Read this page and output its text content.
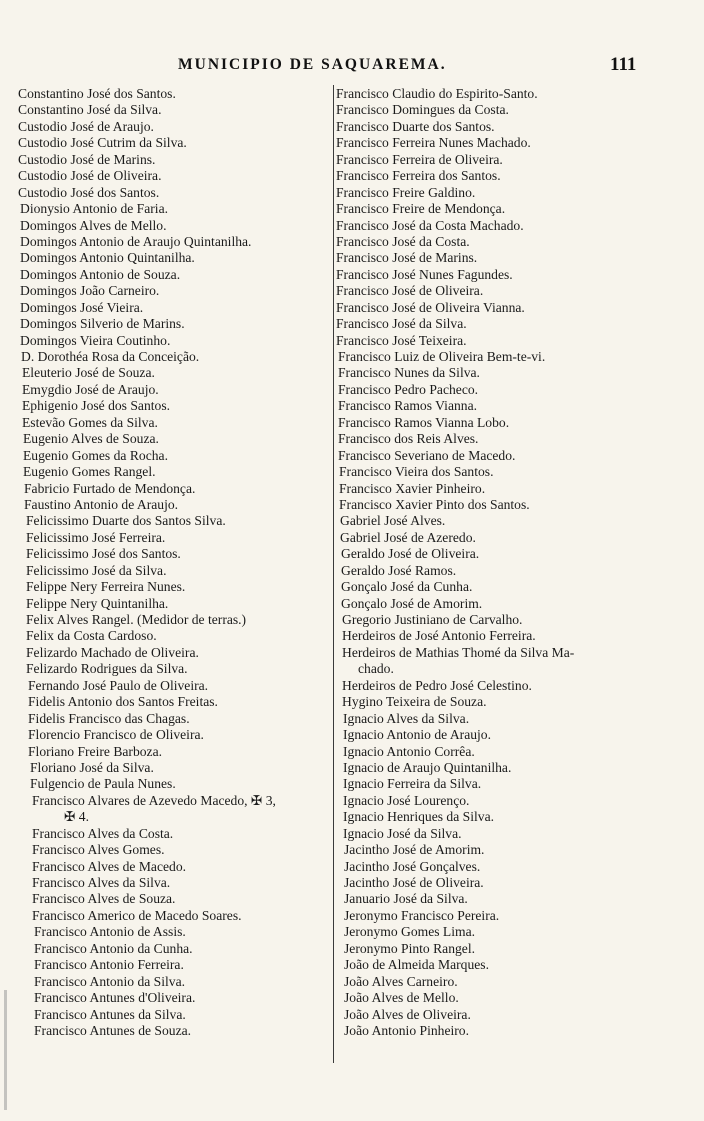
MUNICIPIO DE SAQUAREMA.	111
Constantino José dos Santos.
Constantino José da Silva.
Custodio José de Araujo.
Custodio José Cutrim da Silva.
Custodio José de Marins.
Custodio José de Oliveira.
Custodio José dos Santos.
Dionysio Antonio de Faria.
Domingos Alves de Mello.
Domingos Antonio de Araujo Quintanilha.
Domingos Antonio Quintanilha.
Domingos Antonio de Souza.
Domingos João Carneiro.
Domingos José Vieira.
Domingos Silverio de Marins.
Domingos Vieira Coutinho.
D. Dorothéa Rosa da Conceição.
Eleuterio José de Souza.
Emygdio José de Araujo.
Ephigenio José dos Santos.
Estevão Gomes da Silva.
Eugenio Alves de Souza.
Eugenio Gomes da Rocha.
Eugenio Gomes Rangel.
Fabricio Furtado de Mendonça.
Faustino Antonio de Araujo.
Felicissimo Duarte dos Santos Silva.
Felicissimo José Ferreira.
Felicissimo José dos Santos.
Felicissimo José da Silva.
Felippe Nery Ferreira Nunes.
Felippe Nery Quintanilha.
Felix Alves Rangel. (Medidor de terras.)
Felix da Costa Cardoso.
Felizardo Machado de Oliveira.
Felizardo Rodrigues da Silva.
Fernando José Paulo de Oliveira.
Fidelis Antonio dos Santos Freitas.
Fidelis Francisco das Chagas.
Florencio Francisco de Oliveira.
Floriano Freire Barboza.
Floriano José da Silva.
Fulgencio de Paula Nunes.
Francisco Alvares de Azevedo Macedo, ✠ 3,
✠ 4.
Francisco Alves da Costa.
Francisco Alves Gomes.
Francisco Alves de Macedo.
Francisco Alves da Silva.
Francisco Alves de Souza.
Francisco Americo de Macedo Soares.
Francisco Antonio de Assis.
Francisco Antonio da Cunha.
Francisco Antonio Ferreira.
Francisco Antonio da Silva.
Francisco Antunes d'Oliveira.
Francisco Antunes da Silva.
Francisco Antunes de Souza.
Francisco Claudio do Espirito-Santo.
Francisco Domingues da Costa.
Francisco Duarte dos Santos.
Francisco Ferreira Nunes Machado.
Francisco Ferreira de Oliveira.
Francisco Ferreira dos Santos.
Francisco Freire Galdino.
Francisco Freire de Mendonça.
Francisco José da Costa Machado.
Francisco José da Costa.
Francisco José de Marins.
Francisco José Nunes Fagundes.
Francisco José de Oliveira.
Francisco José de Oliveira Vianna.
Francisco José da Silva.
Francisco José Teixeira.
Francisco Luiz de Oliveira Bem-te-vi.
Francisco Nunes da Silva.
Francisco Pedro Pacheco.
Francisco Ramos Vianna.
Francisco Ramos Vianna Lobo.
Francisco dos Reis Alves.
Francisco Severiano de Macedo.
Francisco Vieira dos Santos.
Francisco Xavier Pinheiro.
Francisco Xavier Pinto dos Santos.
Gabriel José Alves.
Gabriel José de Azeredo.
Geraldo José de Oliveira.
Geraldo José Ramos.
Gonçalo José da Cunha.
Gonçalo José de Amorim.
Gregorio Justiniano de Carvalho.
Herdeiros de José Antonio Ferreira.
Herdeiros de Mathias Thomé da Silva Ma-
chado.
Herdeiros de Pedro José Celestino.
Hygino Teixeira de Souza.
Ignacio Alves da Silva.
Ignacio Antonio de Araujo.
Ignacio Antonio Corrêa.
Ignacio de Araujo Quintanilha.
Ignacio Ferreira da Silva.
Ignacio José Lourenço.
Ignacio Henriques da Silva.
Ignacio José da Silva.
Jacintho José de Amorim.
Jacintho José Gonçalves.
Jacintho José de Oliveira.
Januario José da Silva.
Jeronymo Francisco Pereira.
Jeronymo Gomes Lima.
Jeronymo Pinto Rangel.
João de Almeida Marques.
João Alves Carneiro.
João Alves de Mello.
João Alves de Oliveira.
João Antonio Pinheiro.
